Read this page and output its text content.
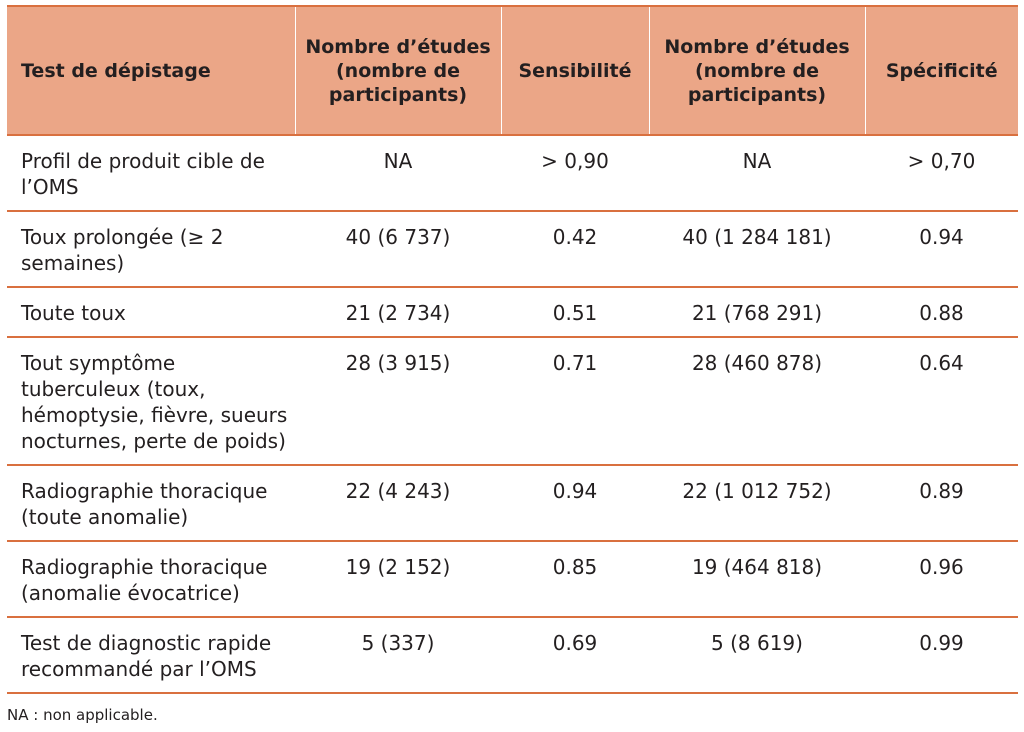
Test de dépistage	Nombre d’études (nombre de participants)	Sensibilité	Nombre d’études (nombre de participants)	Spécificité
Profil de produit cible de l’OMS	NA	> 0,90	NA	> 0,70
Toux prolongée (≥ 2 semaines)	40 (6 737)	0.42	40 (1 284 181)	0.94
Toute toux	21 (2 734)	0.51	21 (768 291)	0.88
Tout symptôme tuberculeux (toux, hémoptysie, fièvre, sueurs nocturnes, perte de poids)	28 (3 915)	0.71	28 (460 878)	0.64
Radiographie thoracique (toute anomalie)	22 (4 243)	0.94	22 (1 012 752)	0.89
Radiographie thoracique (anomalie évocatrice)	19 (2 152)	0.85	19 (464 818)	0.96
Test de diagnostic rapide recommandé par l’OMS	5 (337)	0.69	5 (8 619)	0.99
NA : non applicable.
